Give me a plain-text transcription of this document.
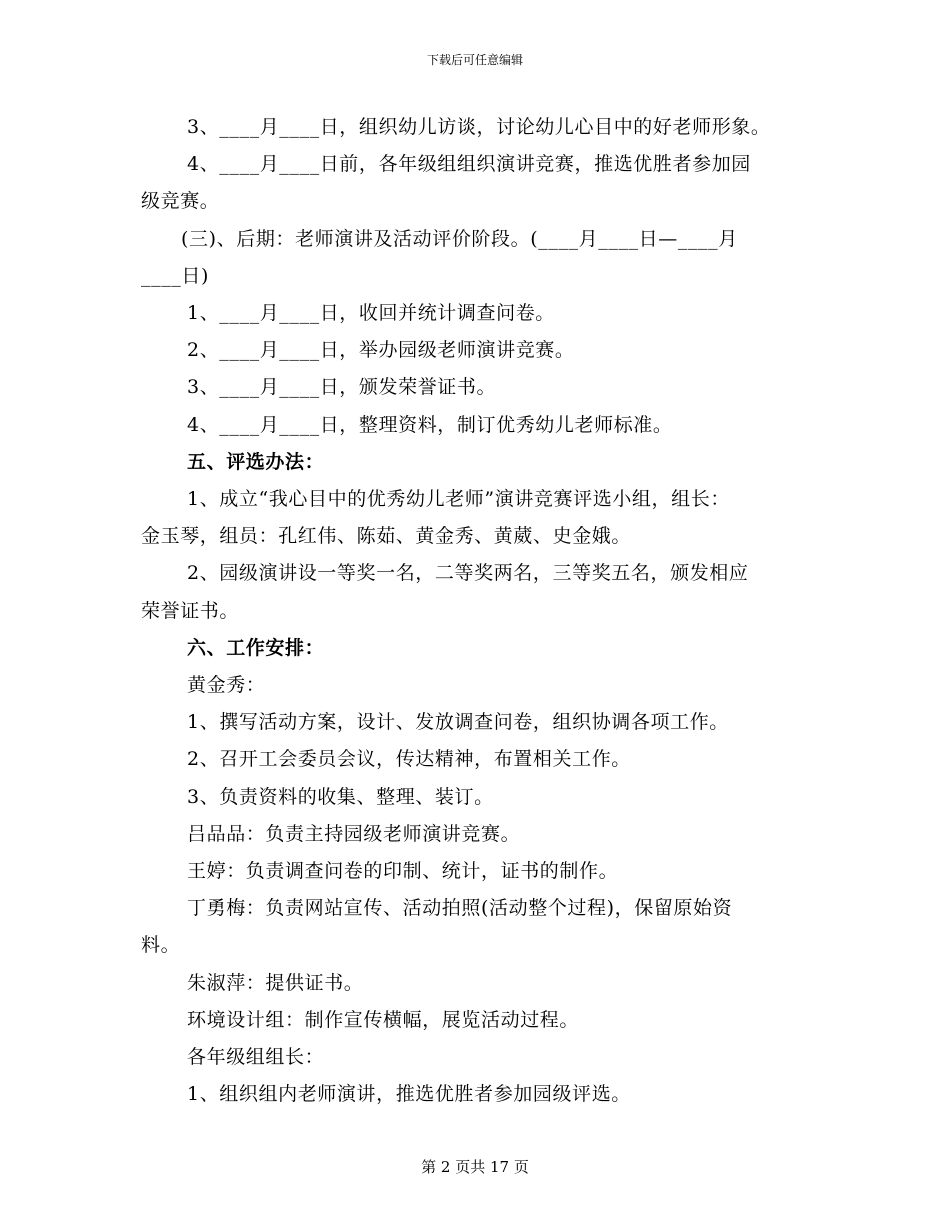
下载后可任意编辑
3、____月____日，组织幼儿访谈，讨论幼儿心目中的好老师形象。
4、____月____日前，各年级组组织演讲竞赛，推选优胜者参加园
级竞赛。
(三)、后期：老师演讲及活动评价阶段。(____月____日—____月
____日)
1、____月____日，收回并统计调查问卷。
2、____月____日，举办园级老师演讲竞赛。
3、____月____日，颁发荣誉证书。
4、____月____日，整理资料，制订优秀幼儿老师标准。
五、评选办法：
1、成立“我心目中的优秀幼儿老师”演讲竞赛评选小组，组长：
金玉琴，组员：孔红伟、陈茹、黄金秀、黄葳、史金娥。
2、园级演讲设一等奖一名，二等奖两名，三等奖五名，颁发相应
荣誉证书。
六、工作安排：
黄金秀：
1、撰写活动方案，设计、发放调查问卷，组织协调各项工作。
2、召开工会委员会议，传达精神，布置相关工作。
3、负责资料的收集、整理、装订。
吕品品：负责主持园级老师演讲竞赛。
王婷：负责调查问卷的印制、统计，证书的制作。
丁勇梅：负责网站宣传、活动拍照(活动整个过程)，保留原始资
料。
朱淑萍：提供证书。
环境设计组：制作宣传横幅，展览活动过程。
各年级组组长：
1、组织组内老师演讲，推选优胜者参加园级评选。
第 2 页共 17 页
